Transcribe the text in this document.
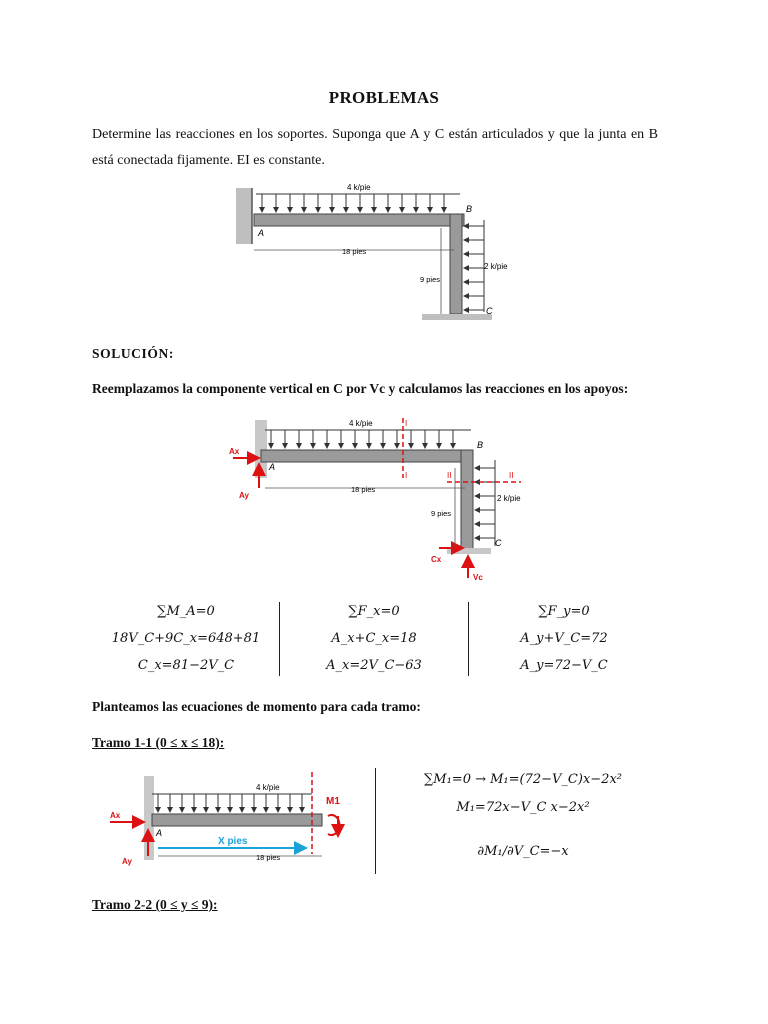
PROBLEMAS
Determine las reacciones en los soportes. Suponga que A y C están articulados y que la junta en B está conectada fijamente. EI es constante.
4 k/pie
2 k/pie
18 pies
9 pies
A
B
C
SOLUCIÓN:
Reemplazamos la componente vertical en C por Vc y calculamos las reacciones en los apoyos:
4 k/pie
2 k/pie
18 pies
9 pies
A
B
C
Ax
Ay
Cx
Vc
I
I	II	II
∑M_A=0
18V_C+9C_x=648+81
C_x=81−2V_C
∑F_x=0
A_x+C_x=18
A_x=2V_C−63
∑F_y=0
A_y+V_C=72
A_y=72−V_C
Planteamos las ecuaciones de momento para cada tramo:
Tramo 1-1 (0 ≤ x ≤ 18):
4 k/pie
18 pies
A
Ax
Ay
M1
X pies
∑M₁=0 → M₁=(72−V_C)x−2x²
M₁=72x−V_C x−2x²
∂M₁/∂V_C=−x
Tramo 2-2 (0 ≤ y ≤ 9):
